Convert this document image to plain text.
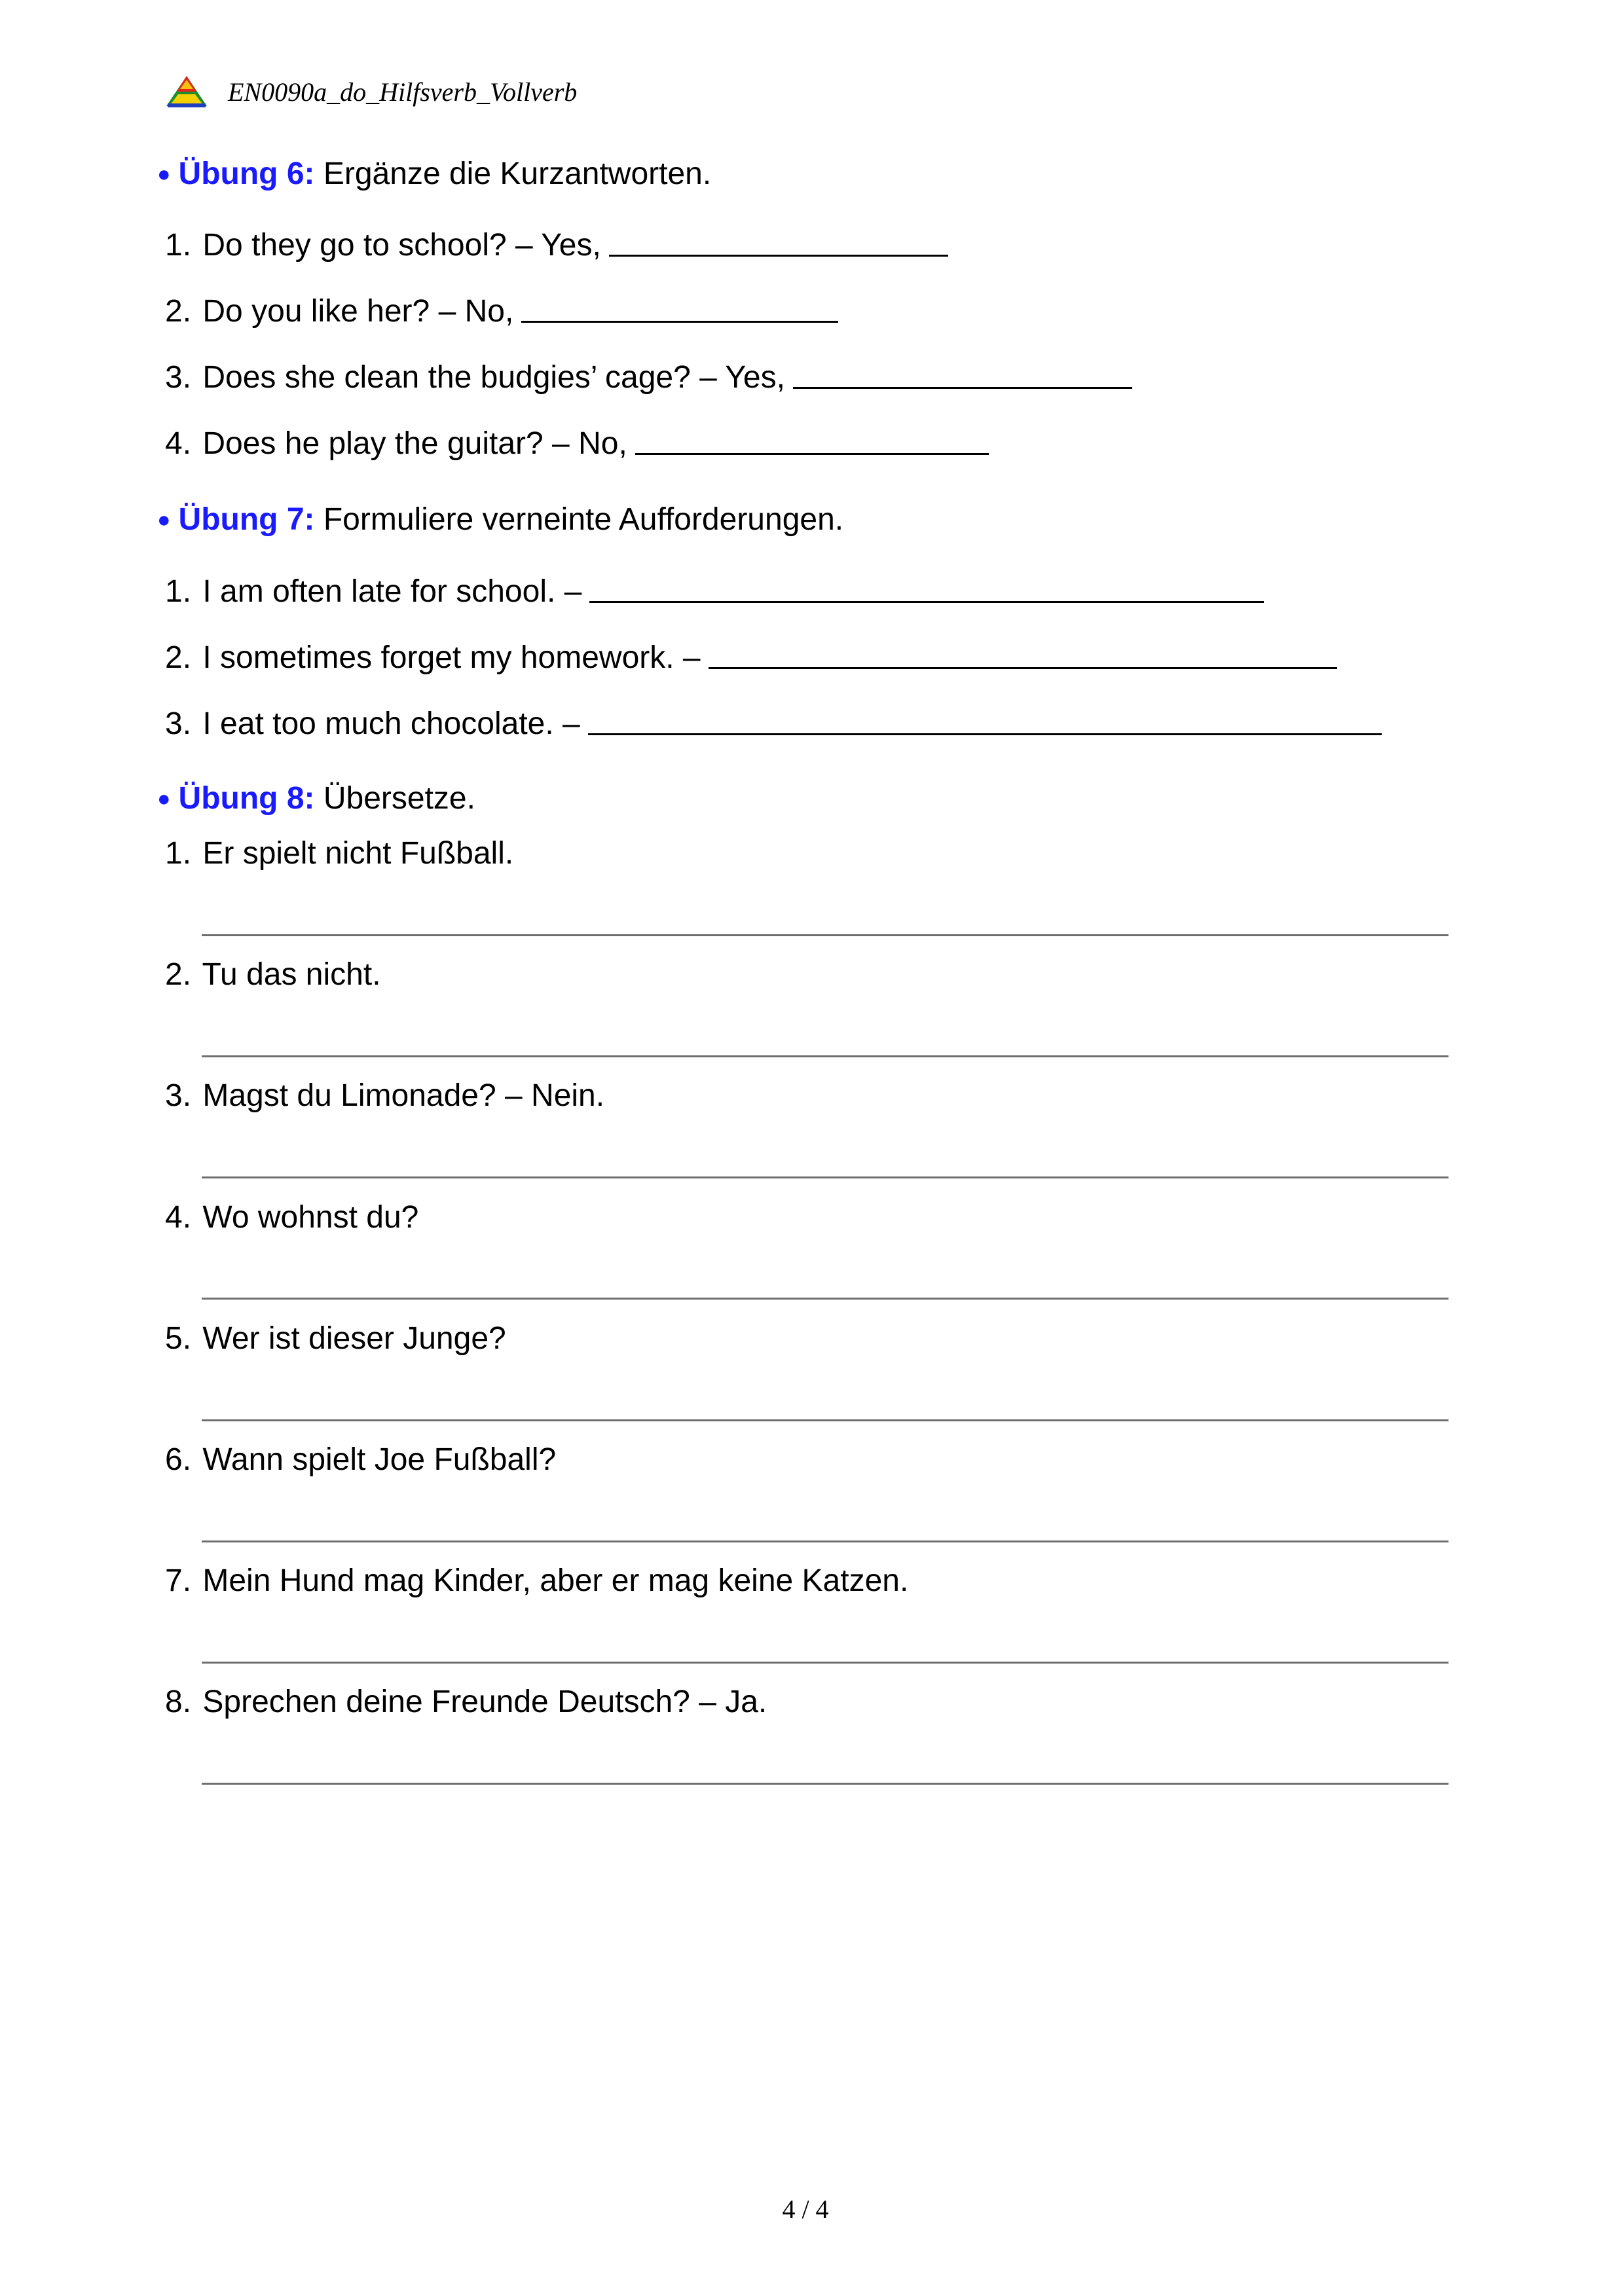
EN0090a_do_Hilfsverb_Vollverb
● Übung 6: Ergänze die Kurzantworten.
1. Do they go to school? – Yes,
2. Do you like her? – No,
3. Does she clean the budgies’ cage? – Yes,
4. Does he play the guitar? – No,
● Übung 7: Formuliere verneinte Aufforderungen.
1. I am often late for school. –
2. I sometimes forget my homework. –
3. I eat too much chocolate. –
● Übung 8: Übersetze.
1. Er spielt nicht Fußball.
2. Tu das nicht.
3. Magst du Limonade? – Nein.
4. Wo wohnst du?
5. Wer ist dieser Junge?
6. Wann spielt Joe Fußball?
7. Mein Hund mag Kinder, aber er mag keine Katzen.
8. Sprechen deine Freunde Deutsch? – Ja.
4 / 4
